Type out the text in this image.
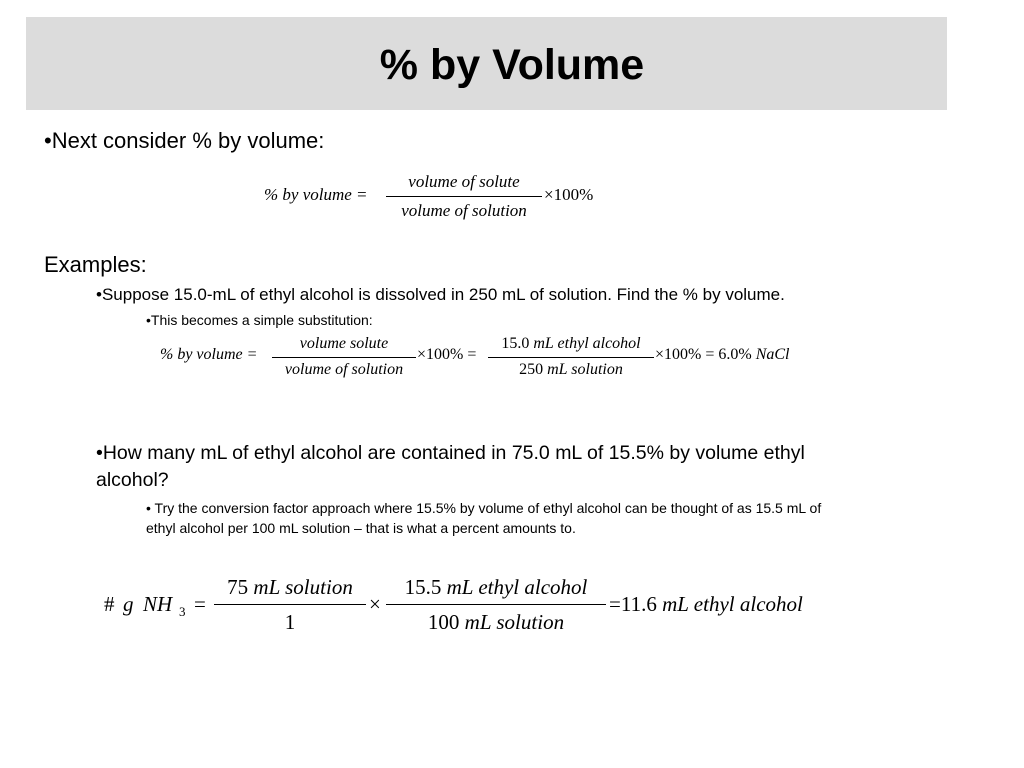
% by Volume
•Next consider % by volume:
% by volume =
volume of solute
volume of solution
×100%
Examples:
•Suppose 15.0-mL of ethyl alcohol is dissolved in 250 mL of solution. Find the % by volume.
•This becomes a simple substitution:
% by volume =
volume solute
volume of solution
×100% =
15.0 mL ethyl alcohol
250 mL solution
×100% = 6.0% NaCl
•How many mL of ethyl alcohol are contained in 75.0 mL of 15.5% by volume ethyl
alcohol?
• Try the conversion factor approach where 15.5% by volume of ethyl alcohol can be thought of as 15.5 mL of
ethyl alcohol per 100 mL solution – that is what a percent amounts to.
# g NH 3 =
75 mL solution
1
×
15.5 mL ethyl alcohol
100 mL solution
=11.6 mL ethyl alcohol
